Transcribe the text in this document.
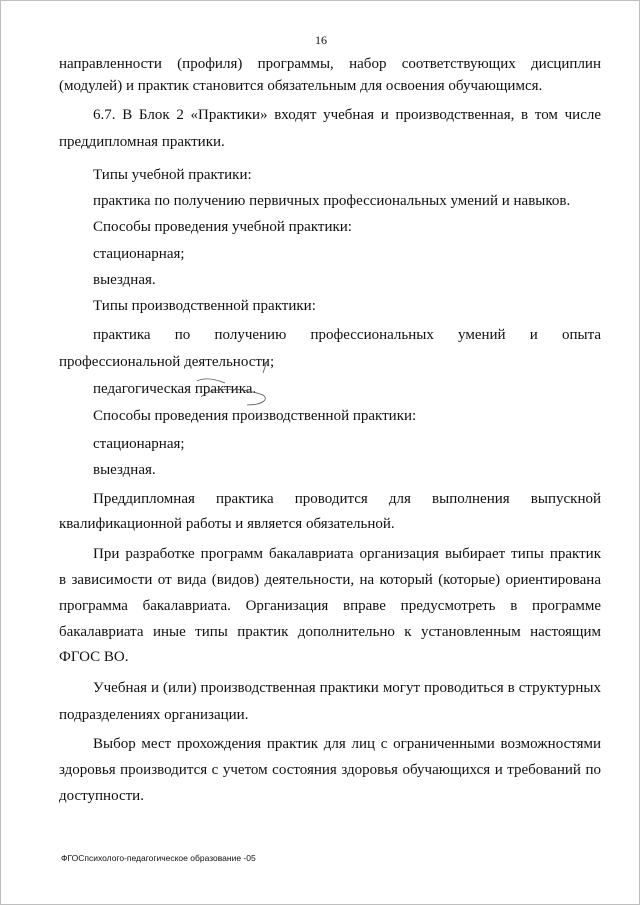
16
направленности (профиля) программы, набор соответствующих дисциплин
(модулей) и практик становится обязательным для освоения обучающимся.
6.7. В Блок 2 «Практики» входят учебная и производственная, в том числе
преддипломная практики.
Типы учебной практики:
практика по получению первичных профессиональных умений и навыков.
Способы проведения учебной практики:
стационарная;
выездная.
Типы производственной практики:
практика по получению профессиональных умений и опыта
профессиональной деятельности;
педагогическая практика.
Способы проведения производственной практики:
стационарная;
выездная.
Преддипломная практика проводится для выполнения выпускной
квалификационной работы и является обязательной.
При разработке программ бакалавриата организация выбирает типы практик
в зависимости от вида (видов) деятельности, на который (которые) ориентирована
программа бакалавриата. Организация вправе предусмотреть в программе
бакалавриата иные типы практик дополнительно к установленным настоящим
ФГОС ВО.
Учебная и (или) производственная практики могут проводиться в структурных
подразделениях организации.
Выбор мест прохождения практик для лиц с ограниченными возможностями
здоровья производится с учетом состояния здоровья обучающихся и требований по
доступности.
ФГОСпсихолого-педагогическое образование -05
